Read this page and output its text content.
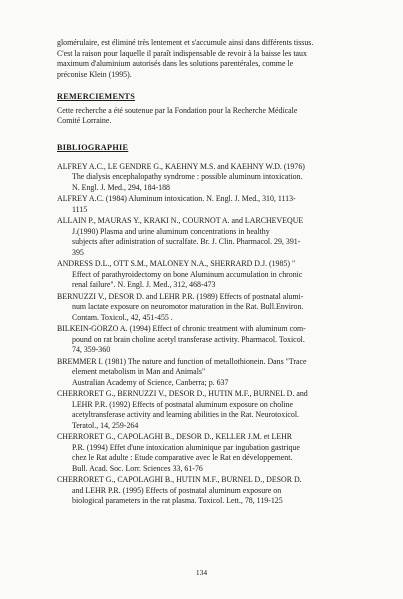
glomérulaire, est éliminé très lentement et s'accumule ainsi dans différents tissus.
C'est la raison pour laquelle il paraît indispensable de revoir à la baisse les taux
maximum d'aluminium autorisés dans les solutions parentérales, comme le
préconise Klein (1995).
REMERCIEMENTS
Cette recherche a été soutenue par la Fondation pour la Recherche Médicale
Comité Lorraine.
BIBLIOGRAPHIE
ALFREY A.C., LE GENDRE G., KAEHNY M.S. and KAEHNY W.D. (1976)
The dialysis encephalopathy syndrome : possible aluminum intoxication.
N. Engl. J. Med., 294, 184-188
ALFREY A.C. (1984) Aluminum intoxication. N. Engl. J. Med., 310, 1113-
1115
ALLAIN P., MAURAS Y., KRAKI N., COURNOT A. and LARCHEVEQUE
J.(1990) Plasma and urine aluminum concentrations in healthy
subjects after adinistration of sucralfate. Br. J. Clin. Pharmacol. 29, 391-
395
ANDRESS D.L., OTT S.M., MALONEY N.A., SHERRARD D.J. (1985) "
Effect of parathyroidectomy on bone Aluminum accumulation in chronic
renal failure". N. Engl. J. Med., 312, 468-473
BERNUZZI V., DESOR D. and LEHR P.R. (1989) Effects of postnatal alumi-
num lactate exposure on neuromotor maturation in the Rat. Bull.Environ.
Contam. Toxicol., 42, 451-455 .
BILKEIN-GORZO A. (1994) Effect of chronic treatment with aluminum com-
pound on rat brain choline acetyl transferase activity. Pharmacol. Toxicol.
74, 359-360
BREMMER I. (1981) The nature and function of metallothionein. Dans "Trace
element metabolism in Man and Animals"
Australian Academy of Science, Canberra; p. 637
CHERRORET G., BERNUZZI V., DESOR D., HUTIN M.F., BURNEL D. and
LEHR P.R. (1992) Effects of postnatal aluminum exposure on choline
acetyltransferase activity and learning abilities in the Rat. Neurotoxicol.
Teratol., 14, 259-264
CHERRORET G., CAPOLAGHI B., DESOR D., KELLER J.M. et LEHR
P.R. (1994) Effet d'une intoxication aluminique par ingubation gastrique
chez le Rat adulte : Etude comparative avec le Rat en développement.
Bull. Acad. Soc. Lorr. Sciences 33, 61-76
CHERRORET G., CAPOLAGHI B., HUTIN M.F., BURNEL D., DESOR D.
and LEHR P.R. (1995) Effects of postnatal aluminum exposure on
biological parameters in the rat plasma. Toxicol. Lett., 78, 119-125
134
